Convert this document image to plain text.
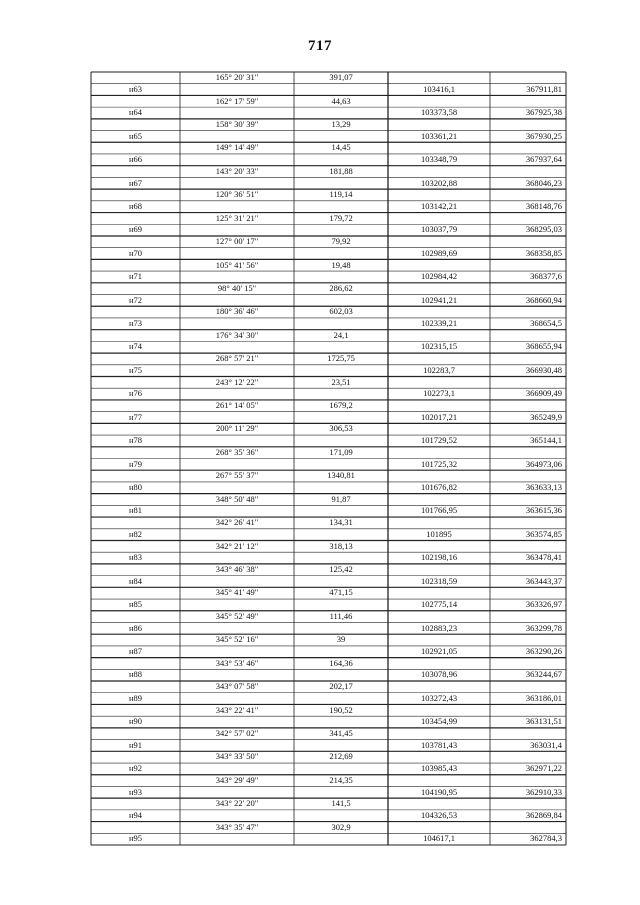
717
165° 20' 31"	391,07
н63	103416,1	367911,81
162° 17' 59"	44,63
н64	103373,58	367925,38
158° 30' 39"	13,29
н65	103361,21	367930,25
149° 14' 49"	14,45
н66	103348,79	367937,64
143° 20' 33"	181,88
н67	103202,88	368046,23
120° 36' 51"	119,14
н68	103142,21	368148,76
125° 31' 21"	179,72
н69	103037,79	368295,03
127° 00' 17"	79,92
н70	102989,69	368358,85
105° 41' 56"	19,48
н71	102984,42	368377,6
98° 40' 15"	286,62
н72	102941,21	368660,94
180° 36' 46"	602,03
н73	102339,21	368654,5
176° 34' 30"	24,1
н74	102315,15	368655,94
268° 57' 21"	1725,75
н75	102283,7	366930,48
243° 12' 22"	23,51
н76	102273,1	366909,49
261° 14' 05"	1679,2
н77	102017,21	365249,9
200° 11' 29"	306,53
н78	101729,52	365144,1
268° 35' 36"	171,09
н79	101725,32	364973,06
267° 55' 37"	1340,81
н80	101676,82	363633,13
348° 50' 48"	91,87
н81	101766,95	363615,36
342° 26' 41"	134,31
н82	101895	363574,85
342° 21' 12"	318,13
н83	102198,16	363478,41
343° 46' 38"	125,42
н84	102318,59	363443,37
345° 41' 49"	471,15
н85	102775,14	363326,97
345° 52' 49"	111,46
н86	102883,23	363299,78
345° 52' 16"	39
н87	102921,05	363290,26
343° 53' 46"	164,36
н88	103078,96	363244,67
343° 07' 58"	202,17
н89	103272,43	363186,01
343° 22' 41"	190,52
н90	103454,99	363131,51
342° 57' 02"	341,45
н91	103781,43	363031,4
343° 33' 50"	212,69
н92	103985,43	362971,22
343° 29' 49"	214,35
н93	104190,95	362910,33
343° 22' 20"	141,5
н94	104326,53	362869,84
343° 35' 47"	302,9
н95	104617,1	362784,3
